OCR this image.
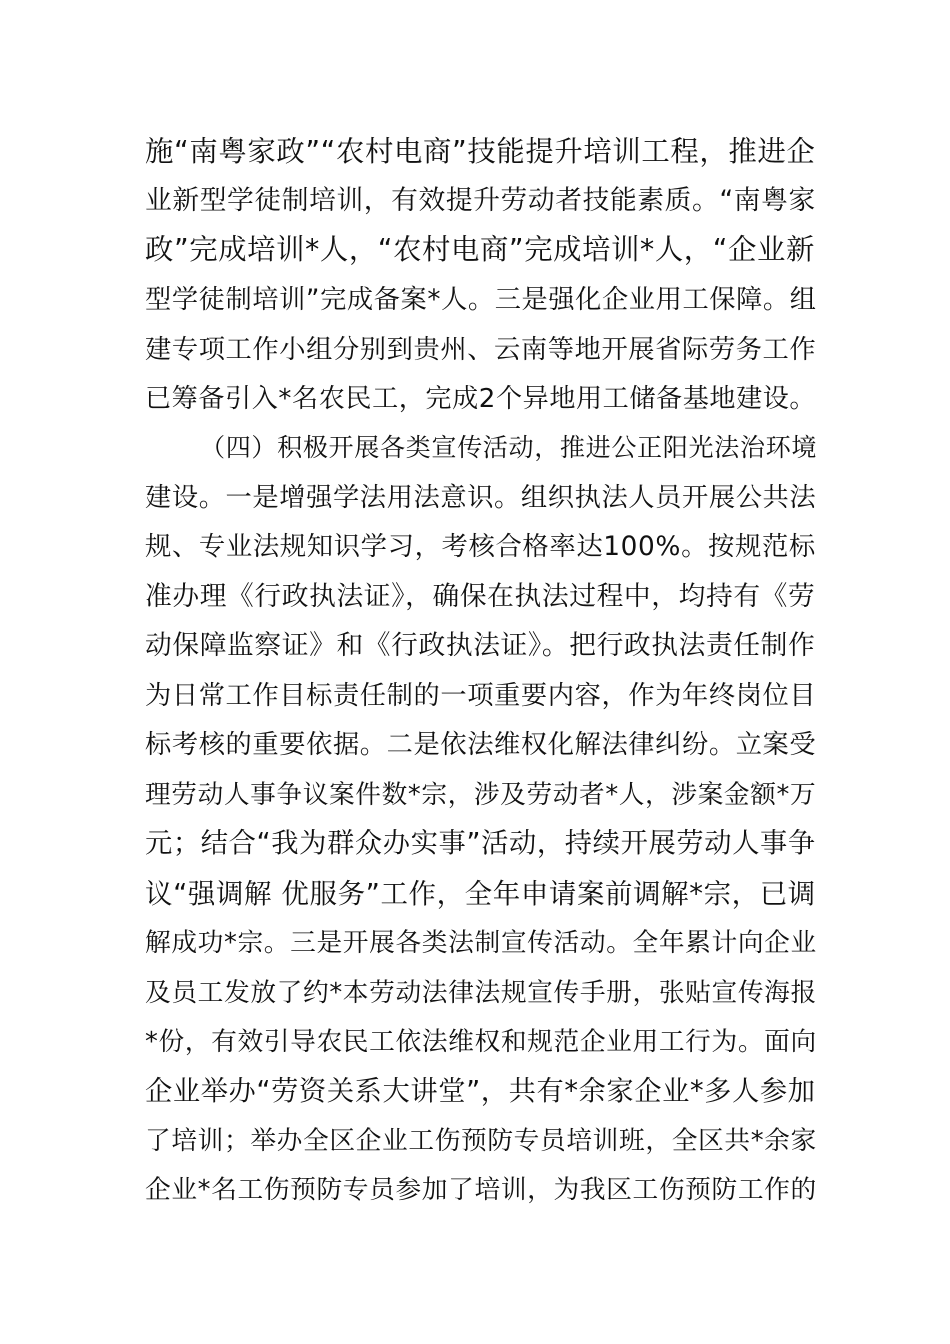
施“南粤家政”“农村电商”技能提升培训工程，推进企
业新型学徒制培训，有效提升劳动者技能素质。“南粤家
政”完成培训*人，“农村电商”完成培训*人，“企业新
型学徒制培训”完成备案*人。三是强化企业用工保障。组
建专项工作小组分别到贵州、云南等地开展省际劳务工作
已筹备引入*名农民工，完成2个异地用工储备基地建设。
（四）积极开展各类宣传活动，推进公正阳光法治环境
建设。一是增强学法用法意识。组织执法人员开展公共法
规、专业法规知识学习，考核合格率达100%。按规范标
准办理《行政执法证》，确保在执法过程中，均持有《劳
动保障监察证》和《行政执法证》。把行政执法责任制作
为日常工作目标责任制的一项重要内容，作为年终岗位目
标考核的重要依据。二是依法维权化解法律纠纷。立案受
理劳动人事争议案件数*宗，涉及劳动者*人，涉案金额*万
元；结合“我为群众办实事”活动，持续开展劳动人事争
议“强调解 优服务”工作，全年申请案前调解*宗，已调
解成功*宗。三是开展各类法制宣传活动。全年累计向企业
及员工发放了约*本劳动法律法规宣传手册，张贴宣传海报
*份，有效引导农民工依法维权和规范企业用工行为。面向
企业举办“劳资关系大讲堂”，共有*余家企业*多人参加
了培训；举办全区企业工伤预防专员培训班，全区共*余家
企业*名工伤预防专员参加了培训，为我区工伤预防工作的
